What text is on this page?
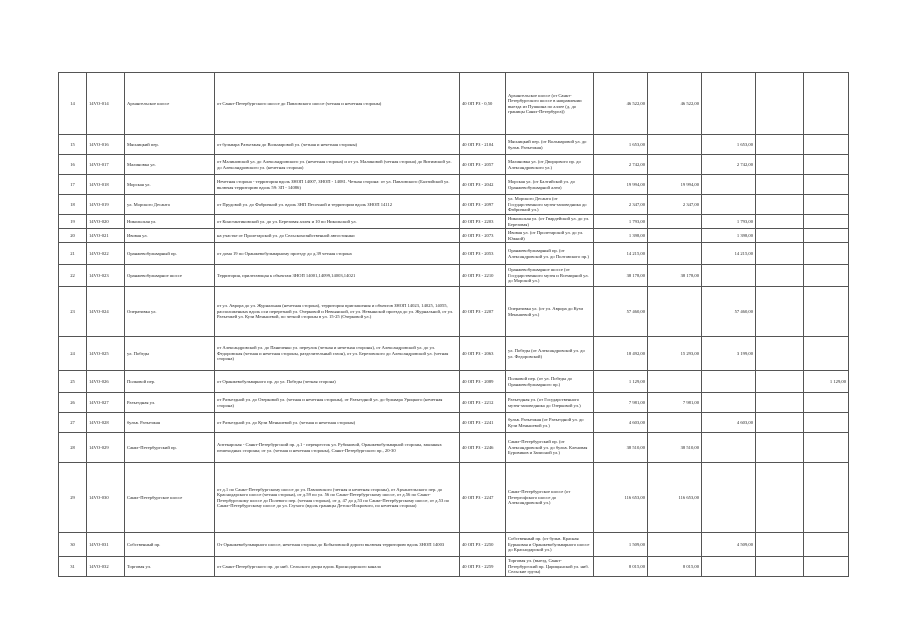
14	14VO-014	Архангельское шоссе	от Санкт-Петербургского шоссе до Павловского шоссе (четная и нечетная стороны)	40 ОП РЗ - 0,50	Архангельское шоссе (от Санкт-Петербургского шоссе в направлении выезда из Пушкина по аллее (д. до границы Санкт-Петербурга))	46 522,00	46 522,00			
15	14VO-016	Мясницкий пер.	от бульвара Разъезжая до Вольмаровой ул. (четная и нечетная стороны)	40 ОП РЗ - 2104	Мясницкий пер. (от Вольмаровой ул. до бульв. Разъезжая)	1 653,00		1 653,00		
16	14VO-017	Малиновка ул.	от Малиновской ул. до Александровского ул. (нечетная сторона) и от ул. Малиновой (четная сторона) до Витимской ул. до Александровского ул. (нечетная сторона)	40 ОП РЗ - 2057	Малиновка ул. (от Дворцового пр. до Александровского ул.)	2 742,00		2 742,00		
17	14VO-018	Морская ул.	Нечетная сторона - территория вдоль ЗНОП 14007, ЗНОП - 14081. Четная сторона: от ул. Павловского (Балтийской ул. включая территорию вдоль 59: ЗП - 14086)	40 ОП РЗ - 2042	Морская ул. (от Балтийской ул. до Оранжевобульварной алеи)	19 994,00	19 994,00			
18	14VO-019	ул. Морского Десанта	от Прудовой ул. до Фабричной ул. вдоль ЗНП Песочной и территории вдоль ЗНОП 14112	40 ОП РЗ - 2097	ул. Морского Десанта (от Государственного музея-заповедника до Фабричной ул.)	2 347,00	2 347,00			
19	14VO-020	Никольская ул.	от Константиновской ул. до ул. Березовая аллея и 10 по Никольской ул.	40 ОП РЗ - 2203	Никольская ул. (от Гвардейской ул. до ул. Березовая)	1 793,00		1 793,00		
20	14VO-021	Ивовая ул.	на участке от Пролетарской ул. до Сельскохозяйственной автостоянки	40 ОП РЗ - 2073	Ивовая ул. (от Пролетарской ул. до ул. Южной)	1 398,00		1 398,00		
21	14VO-022	Оранжевобульварный пр.	от дома 19 по Оранжевобульварному проезду до д.39 четная сторона	40 ОП РЗ - 2053	Оранжевобульварный пр. (от Александровской ул. до Полтавского пр.)	14 215,00		14 215,00		
22	14VO-023	Оранжевобульварное шоссе	Территория, прилегающая к объектам ЗНОП 14001,14099,14003,14021	40 ОП РЗ - 2210	Оранжевобульварное шоссе (от Государственного музея и Всемирной ул. до Морской ул.)	38 178,00	38 178,00			
23	14VO-024	Оперативка ул.	от ул. Аврора до ул. Журнальная (нечетная сторона), территория приглашения и объектов ЗНОП 14023, 14025, 14055, расположенных вдоль оси перерезной ул. Озерковой и Невьянской, от ул. Невьянской проезда до ул. Журнальной, от ул. Разъезжей ул. Кузи Меньшевой, по четной стороны в ул. 15-25 (Озерковой ул.)	40 ОП РЗ - 2207	Оперативка ул. (от ул. Аврора до Кузи Меньшевой ул.)	57 460,00		57 460,00		
24	14VO-025	ул. Победы	от Александровской ул. до Паниченко ул. переулок (четная и нечетная стороны), от Александровской ул. до ул. Федоровская (четная и нечетная стороны, разделительный газон), от ул. Березовского до Александровской ул. (четная сторона)	40 ОП РЗ - 2063	ул. Победы (от Александровской ул. до ул. Федоровской)	18 492,00	15 293,00	3 199,00		
25	14VO-026	Полковой пер.	от Оранжевобульварного пр. до ул. Победы (четная сторона)	40 ОП РЗ - 2089	Полковой пер. (от ул. Победы до Оранжевобульварного пр.)	1 129,00				1 129,00
26	14VO-027	Разъездная ул.	от Разъездной ул. до Озерковой ул. (четная и нечетная стороны), от Разъездной ул. до бульвара Урицкого (нечетная сторона)	40 ОП РЗ - 2212	Разъездная ул. (от Государственного музея-заповедника до Озерковой ул.)	7 981,00	7 981,00			
27	14VO-028	бульв. Разъезжая	от Разъездной ул. до Кузи Меньшевой ул. (четная и нечетная стороны)	40 ОП РЗ - 2241	бульв. Разъезжая (от Разъездной ул. до Кузи Меньшевой ул.)	4 603,00		4 603,00		
28	14VO-029	Санкт-Петербургский пр.	Аптекарская - Санкт-Петербургский пр. д.1 - перекресток ул. Рубиновой, Оранжевобульварной стороны, законных пешеходных стороны; от ул. (четная и нечетная стороны), Санкт-Петербургского пр., 20-30	40 ОП РЗ - 2246	Санкт-Петербургский пр. (от Александровской ул. до бульв. Кленовая Буровиков и Записной ул.)	38 510,00	38 510,00			
29	14VO-030	Санкт-Петербургское шоссе	от д.1 по Санкт-Петербургскому шоссе до ул. Павловского (четная и нечетная стороны), от Архангельского пер. до Краснодарского шоссе (четная сторона), от д.59 по ул. 56 по Санкт-Петербургскому шоссе, от д.56 по Санкт-Петербургскому шоссе до Полевого пер. (четная сторона), от д. 47 до д.53 по Санкт-Петербургскому шоссе, от д.53 по Санкт-Петербургскому шоссе до ул. Глухого (вдоль границы Детско-Искрового, по нечетная сторона)	40 ОП РЗ - 2247	Санкт-Петербургское шоссе (от Петергофского шоссе до Александровской ул.)	116 653,00	116 653,00			
30	14VO-031	Собственный пр.	От Оранжевобульварного шоссе, нечетная сторона до Кобызовской дороги включая территорию вдоль ЗНОП 14003	40 ОП РЗ - 2250	Собственный пр. (от бульв. Красная Бурьковая и Оранжевобульварного шоссе до Краснодарской ул.)	1 509,00		4 509,00		
31	14VO-032	Торговая ул.	от Санкт-Петербургского пр. до ниб. Сельского двора вдоль Краснодарского канала	40 ОП РЗ - 2259	Торговая ул. (выезд, Санкт-Петербургский пр. Царицынской ул. ниб. Сельские грузы)	8 015,00	8 015,00			
